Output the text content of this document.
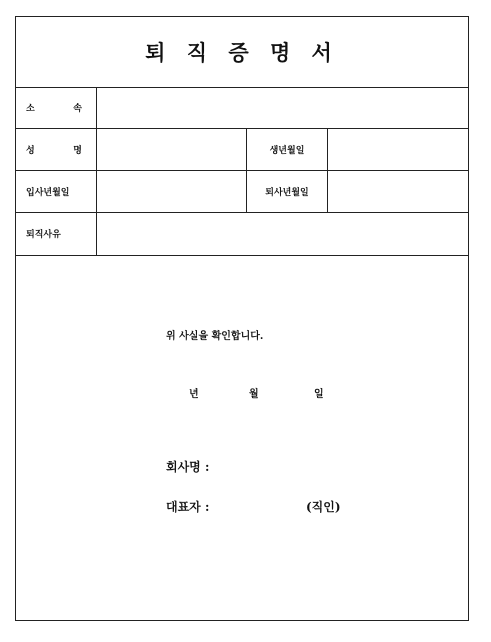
퇴 직 증 명 서
소	속
성	명	생년월일
입사년월일	퇴사년월일
퇴직사유
위 사실을 확인합니다.
년	월	일
회사명 :
대표자 :	(직인)
